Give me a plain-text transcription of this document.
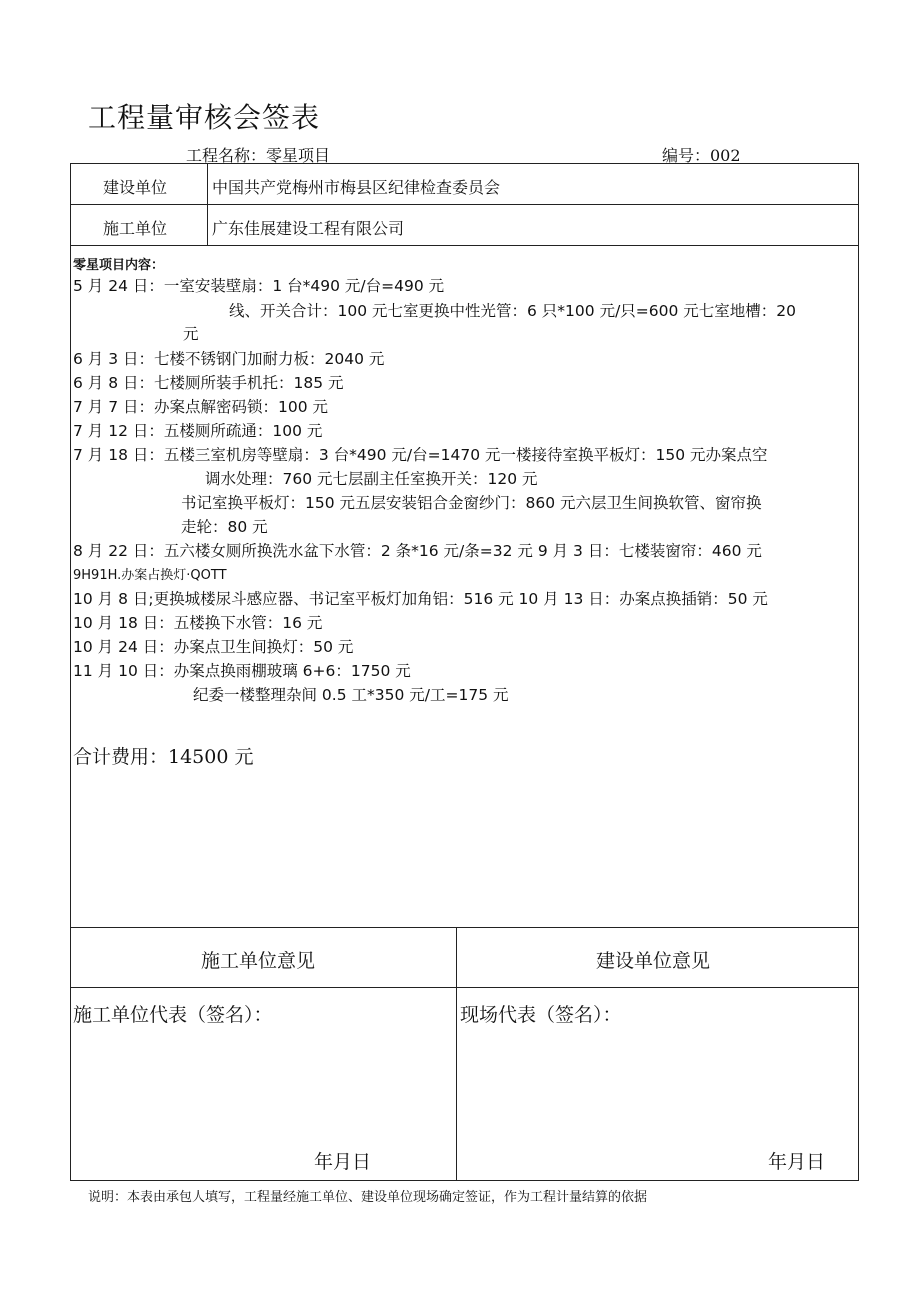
工程量审核会签表
工程名称：零星项目	编号：002
建设单位	中国共产党梅州市梅县区纪律检查委员会
施工单位	广东佳展建设工程有限公司
零星项目内容：
5 月 24 日：一室安装壁扇：1 台*490 元/台=490 元
线、开关合计：100 元七室更换中性光管：6 只*100 元/只=600 元七室地槽：20
元
6 月 3 日：七楼不锈钢门加耐力板：2040 元
6 月 8 日：七楼厕所装手机托：185 元
7 月 7 日：办案点解密码锁：100 元
7 月 12 日：五楼厕所疏通：100 元
7 月 18 日：五楼三室机房等壁扇：3 台*490 元/台=1470 元一楼接待室换平板灯：150 元办案点空
调水处理：760 元七层副主任室换开关：120 元
书记室换平板灯：150 元五层安装铝合金窗纱门：860 元六层卫生间换软管、窗帘换
走轮：80 元
8 月 22 日：五六楼女厕所换洗水盆下水管：2 条*16 元/条=32 元 9 月 3 日：七楼装窗帘：460 元
9H91H.办案占换灯·QOTT
10 月 8 日;更换城楼尿斗感应器、书记室平板灯加角铝：516 元 10 月 13 日：办案点换插销：50 元
10 月 18 日：五楼换下水管：16 元
10 月 24 日：办案点卫生间换灯：50 元
11 月 10 日：办案点换雨棚玻璃 6+6：1750 元
纪委一楼整理杂间 0.5 工*350 元/工=175 元
合计费用：14500 元
施工单位意见	建设单位意见
施工单位代表（签名）：	现场代表（签名）：
年月日	年月日
说明：本表由承包人填写，工程量经施工单位、建设单位现场确定签证，作为工程计量结算的依据
